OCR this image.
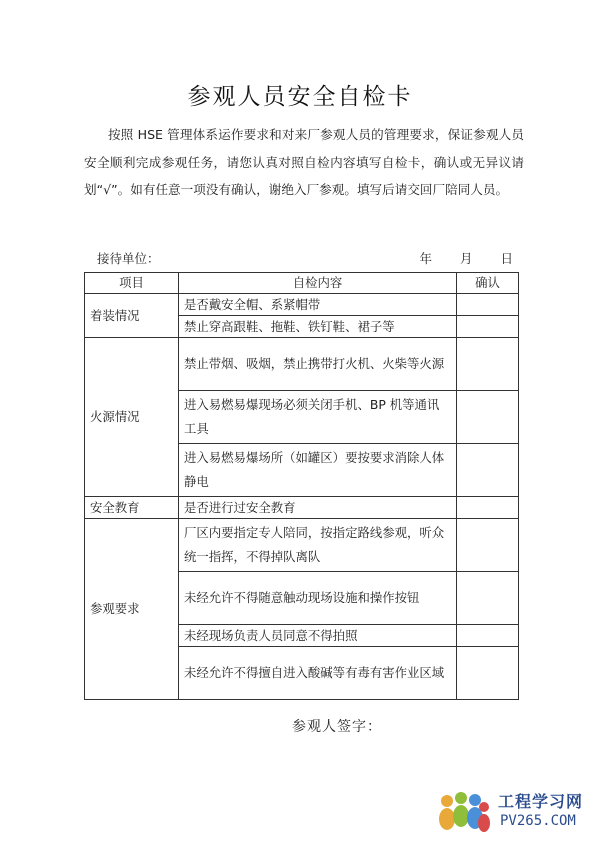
参观人员安全自检卡
按照 HSE 管理体系运作要求和对来厂参观人员的管理要求，保证参观人员安全顺利完成参观任务，请您认真对照自检内容填写自检卡，确认或无异议请划“√”。如有任意一项没有确认，谢绝入厂参观。填写后请交回厂陪同人员。
接待单位：	年 月 日
项目	自检内容	确认
着装情况	是否戴安全帽、系紧帽带	
	禁止穿高跟鞋、拖鞋、铁钉鞋、裙子等	
火源情况	禁止带烟、吸烟，禁止携带打火机、火柴等火源	
	进入易燃易爆现场必须关闭手机、BP 机等通讯工具	
	进入易燃易爆场所（如罐区）要按要求消除人体静电	
安全教育	是否进行过安全教育	
参观要求	厂区内要指定专人陪同，按指定路线参观，听众统一指挥，不得掉队离队	
	未经允许不得随意触动现场设施和操作按钮	
	未经现场负责人员同意不得拍照	
	未经允许不得擅自进入酸碱等有毒有害作业区域	
参观人签字：
工程学习网
PV265.COM
